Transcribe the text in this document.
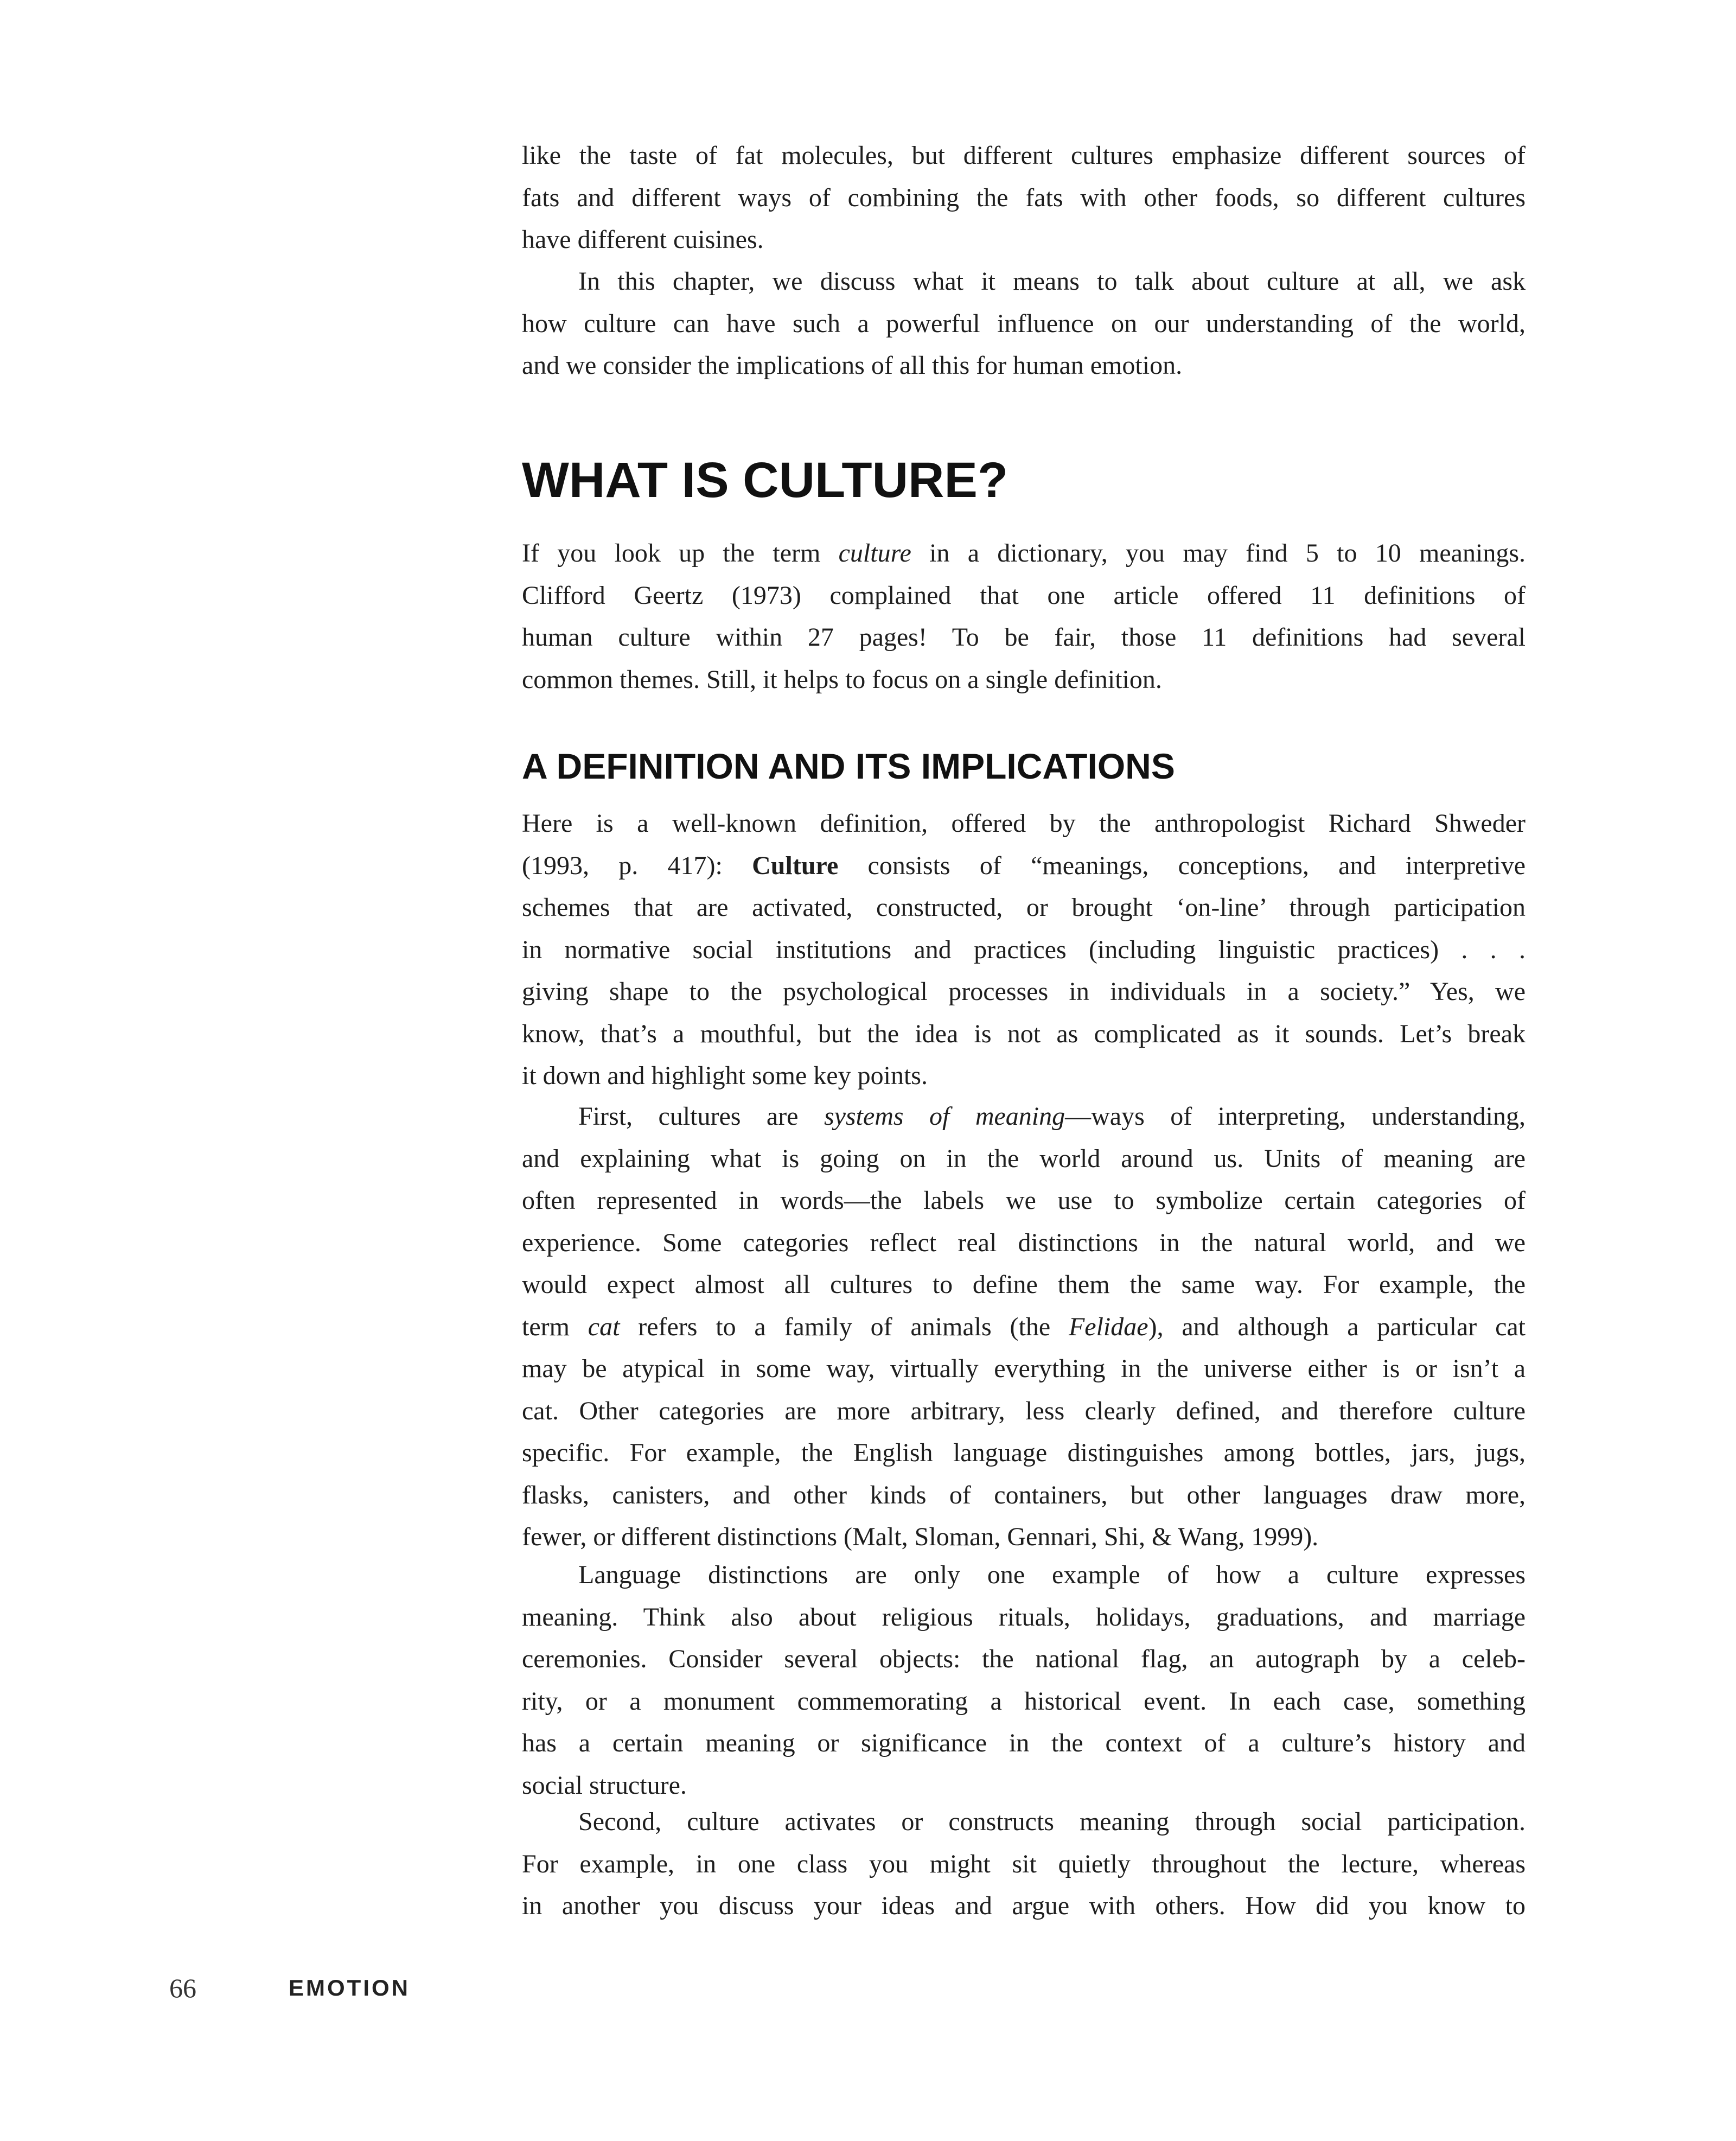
like the taste of fat molecules, but different cultures emphasize different sources of
fats and different ways of combining the fats with other foods, so different cultures
have different cuisines.
In this chapter, we discuss what it means to talk about culture at all, we ask
how culture can have such a powerful influence on our understanding of the world,
and we consider the implications of all this for human emotion.
WHAT IS CULTURE?
If you look up the term culture in a dictionary, you may find 5 to 10 meanings.
Clifford Geertz (1973) complained that one article offered 11 definitions of
human culture within 27 pages! To be fair, those 11 definitions had several
common themes. Still, it helps to focus on a single definition.
A DEFINITION AND ITS IMPLICATIONS
Here is a well-known definition, offered by the anthropologist Richard Shweder
(1993, p. 417): Culture consists of “meanings, conceptions, and interpretive
schemes that are activated, constructed, or brought ‘on-line’ through participation
in normative social institutions and practices (including linguistic practices) . . .
giving shape to the psychological processes in individuals in a society.” Yes, we
know, that’s a mouthful, but the idea is not as complicated as it sounds. Let’s break
it down and highlight some key points.
First, cultures are systems of meaning—ways of interpreting, understanding,
and explaining what is going on in the world around us. Units of meaning are
often represented in words—the labels we use to symbolize certain categories of
experience. Some categories reflect real distinctions in the natural world, and we
would expect almost all cultures to define them the same way. For example, the
term cat refers to a family of animals (the Felidae), and although a particular cat
may be atypical in some way, virtually everything in the universe either is or isn’t a
cat. Other categories are more arbitrary, less clearly defined, and therefore culture
specific. For example, the English language distinguishes among bottles, jars, jugs,
flasks, canisters, and other kinds of containers, but other languages draw more,
fewer, or different distinctions (Malt, Sloman, Gennari, Shi, & Wang, 1999).
Language distinctions are only one example of how a culture expresses
meaning. Think also about religious rituals, holidays, graduations, and marriage
ceremonies. Consider several objects: the national flag, an autograph by a celeb-
rity, or a monument commemorating a historical event. In each case, something
has a certain meaning or significance in the context of a culture’s history and
social structure.
Second, culture activates or constructs meaning through social participation.
For example, in one class you might sit quietly throughout the lecture, whereas
in another you discuss your ideas and argue with others. How did you know to
66	EMOTION
